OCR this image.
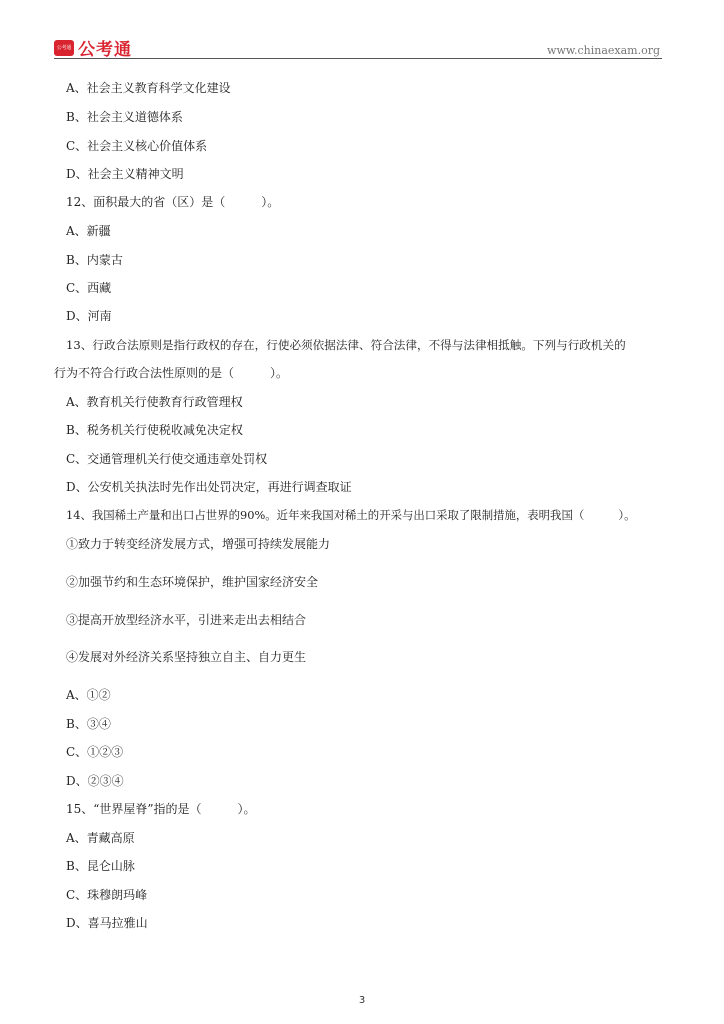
公考通 公考通	www.chinaexam.org
A、社会主义教育科学文化建设
B、社会主义道德体系
C、社会主义核心价值体系
D、社会主义精神文明
12、面积最大的省（区）是（　　　）。
A、新疆
B、内蒙古
C、西藏
D、河南
13、行政合法原则是指行政权的存在，行使必须依据法律、符合法律，不得与法律相抵触。下列与行政机关的
行为不符合行政合法性原则的是（　　　）。
A、教育机关行使教育行政管理权
B、税务机关行使税收减免决定权
C、交通管理机关行使交通违章处罚权
D、公安机关执法时先作出处罚决定，再进行调查取证
14、我国稀土产量和出口占世界的90%。近年来我国对稀土的开采与出口采取了限制措施，表明我国（　　　）。
①致力于转变经济发展方式，增强可持续发展能力
②加强节约和生态环境保护，维护国家经济安全
③提高开放型经济水平，引进来走出去相结合
④发展对外经济关系坚持独立自主、自力更生
A、①②
B、③④
C、①②③
D、②③④
15、“世界屋脊”指的是（　　　）。
A、青藏高原
B、昆仑山脉
C、珠穆朗玛峰
D、喜马拉雅山
3
